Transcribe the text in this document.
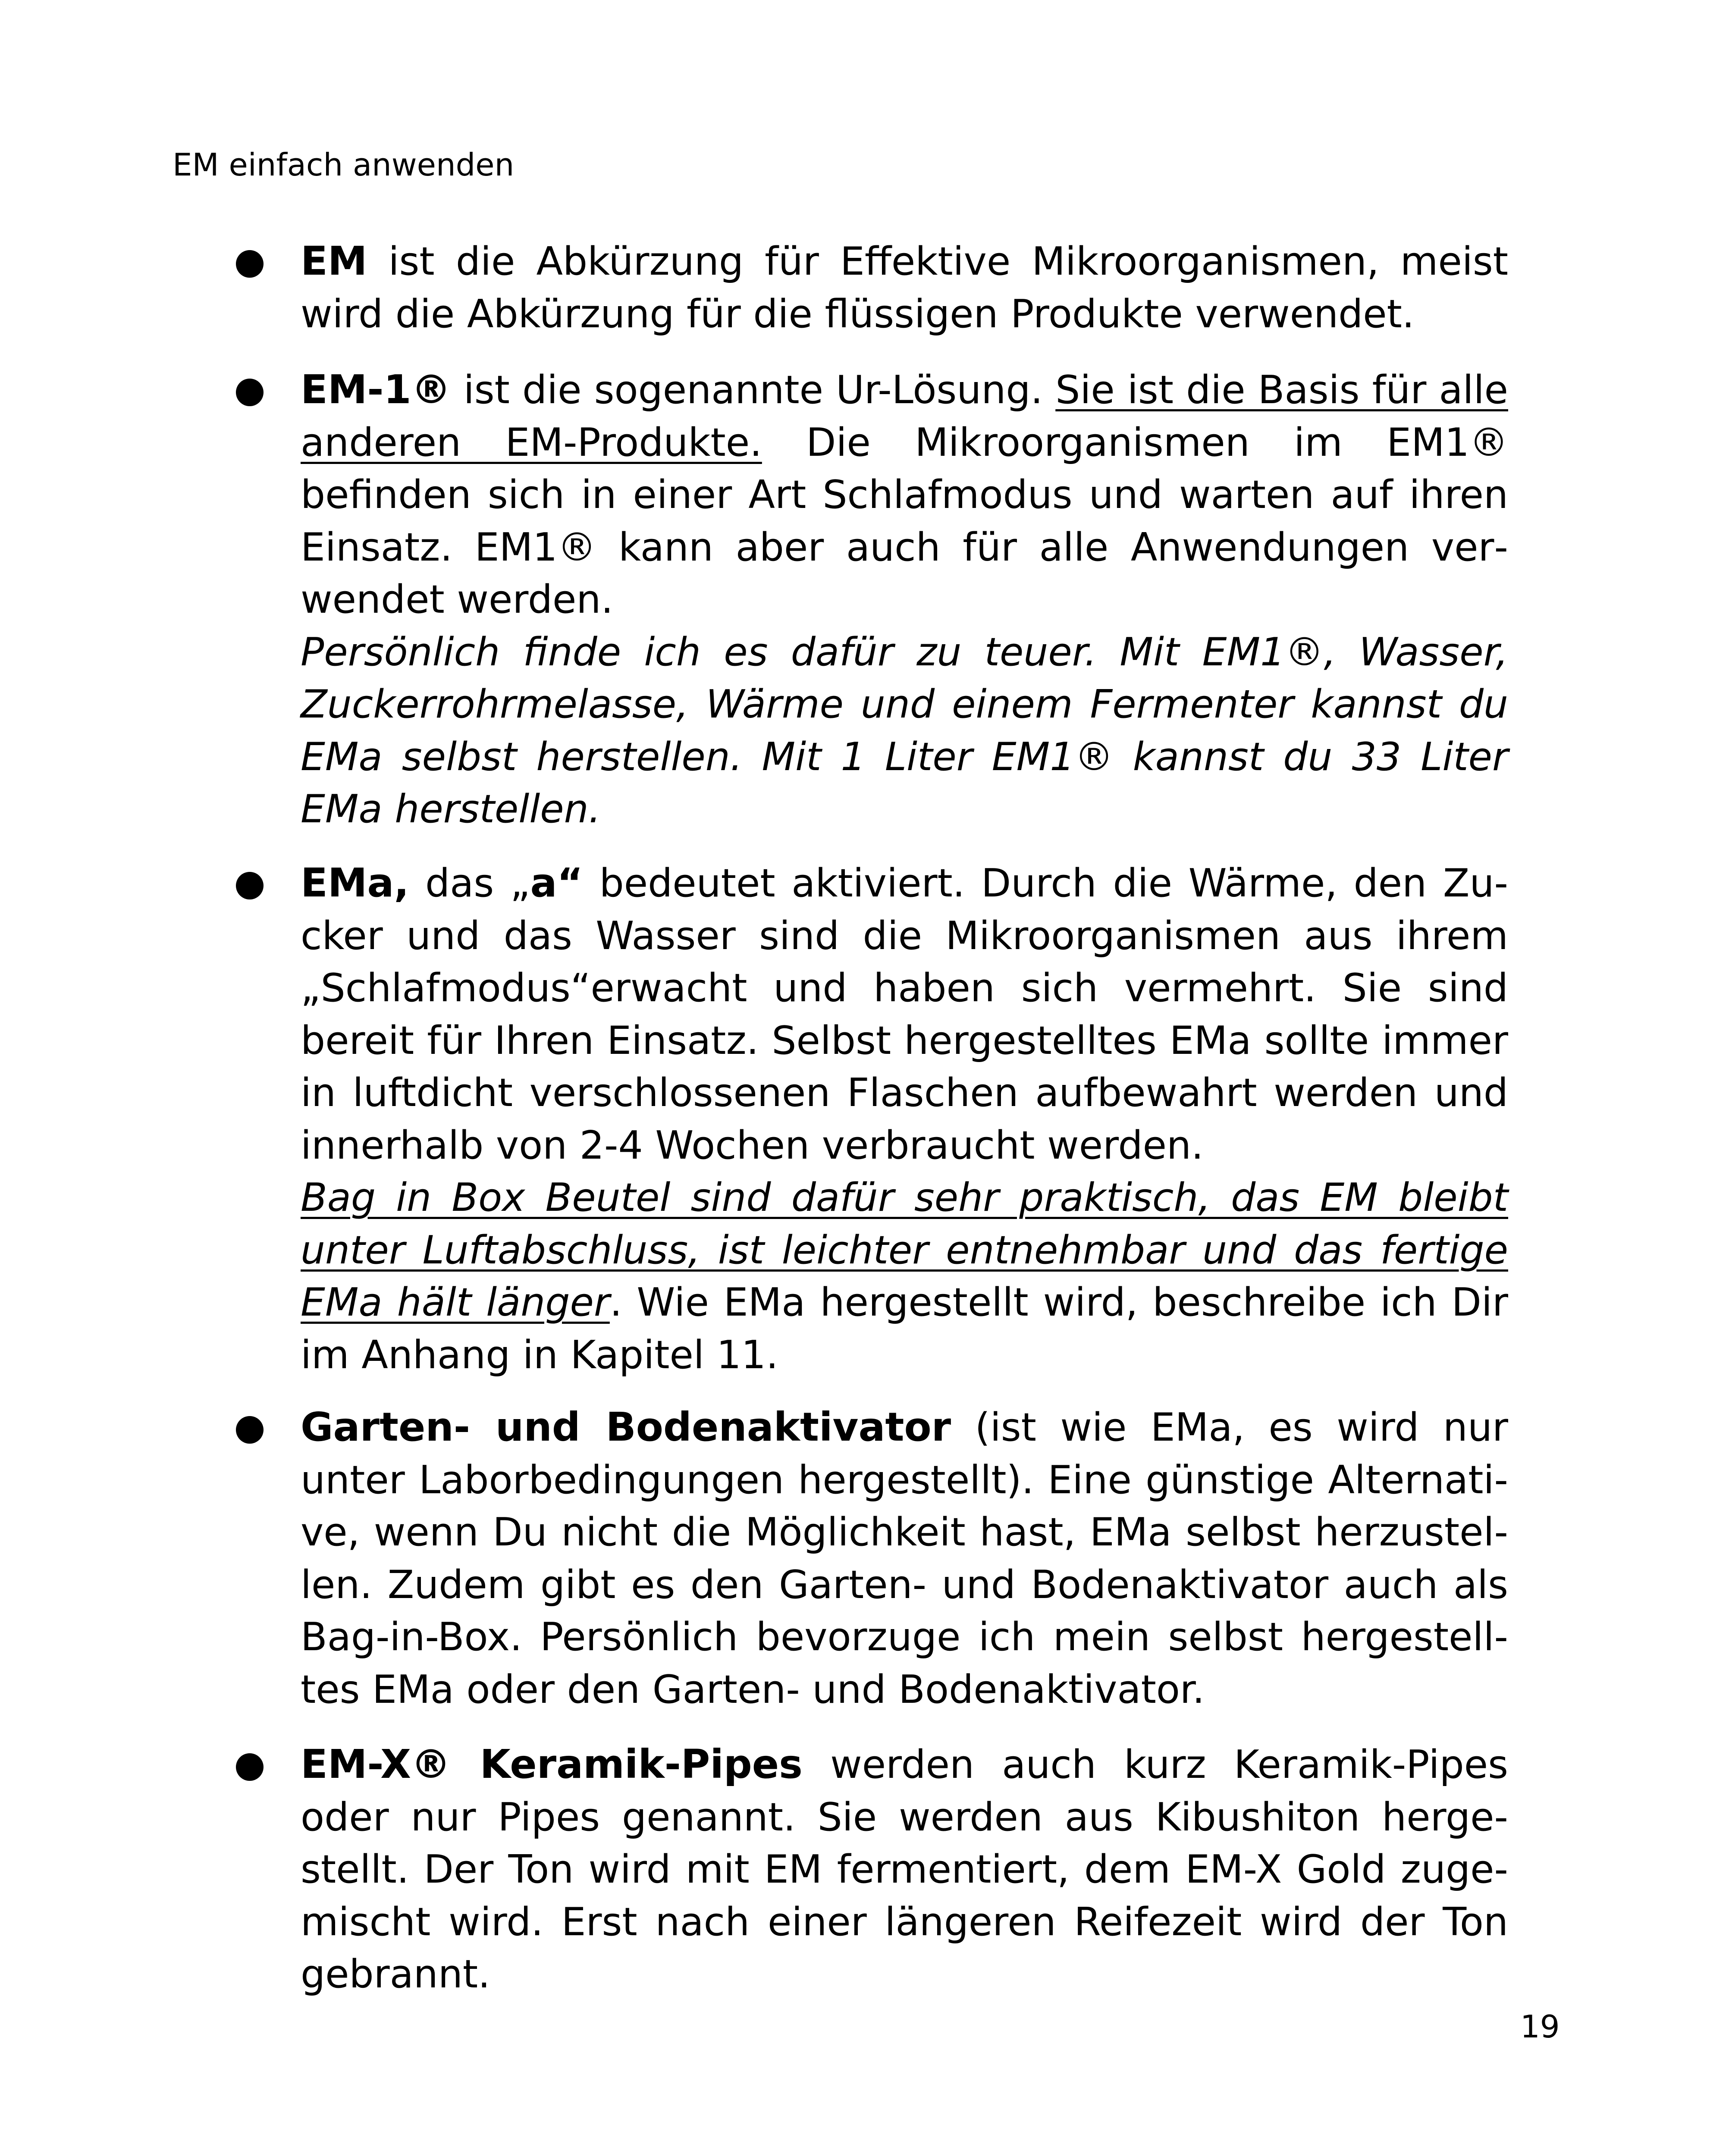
EM einfach anwenden

EM ist die Abkürzung für Effektive Mikroorganismen, meist wird die Abkürzung für die flüssigen Produkte verwendet.

EM-1® ist die sogenannte Ur-Lösung. Sie ist die Basis für alle anderen EM-Produkte. Die Mikroorganismen im EM1® befinden sich in einer Art Schlafmodus und warten auf ihren Einsatz. EM1® kann aber auch für alle Anwendungen verwendet werden.

Persönlich finde ich es dafür zu teuer. Mit EM1®, Wasser, Zuckerrohrmelasse, Wärme und einem Fermenter kannst du EMa selbst herstellen. Mit 1 Liter EM1® kannst du 33 Liter EMa herstellen.

EMa, das „a“ bedeutet aktiviert. Durch die Wärme, den Zucker und das Wasser sind die Mikroorganismen aus ihrem „Schlafmodus“erwacht und haben sich vermehrt. Sie sind bereit für Ihren Einsatz. Selbst hergestelltes EMa sollte immer in luftdicht verschlossenen Flaschen aufbewahrt werden und innerhalb von 2-4 Wochen verbraucht werden.

Bag in Box Beutel sind dafür sehr praktisch, das EM bleibt unter Luftabschluss, ist leichter entnehmbar und das fertige EMa hält länger. Wie EMa hergestellt wird, beschreibe ich Dir im Anhang in Kapitel 11.

Garten- und Bodenaktivator (ist wie EMa, es wird nur unter Laborbedingungen hergestellt). Eine günstige Alternative, wenn Du nicht die Möglichkeit hast, EMa selbst herzustellen. Zudem gibt es den Garten- und Bodenaktivator auch als Bag-in-Box. Persönlich bevorzuge ich mein selbst hergestelltes EMa oder den Garten- und Bodenaktivator.

EM-X® Keramik-Pipes werden auch kurz Keramik-Pipes oder nur Pipes genannt. Sie werden aus Kibushiton hergestellt. Der Ton wird mit EM fermentiert, dem EM-X Gold zugemischt wird. Erst nach einer längeren Reifezeit wird der Ton gebrannt.

19
